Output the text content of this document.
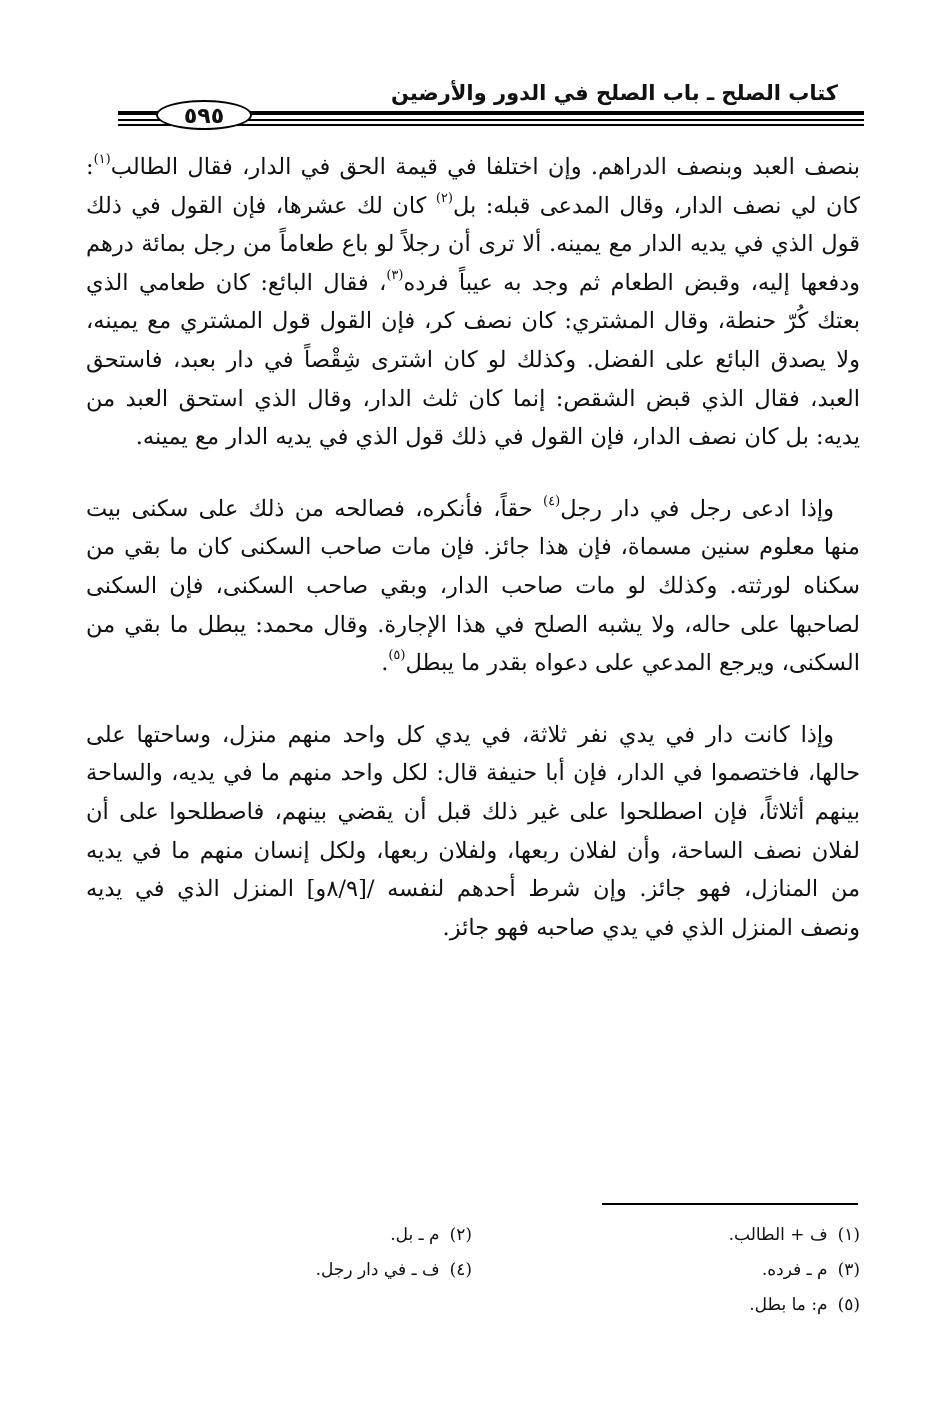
كتاب الصلح ـ باب الصلح في الدور والأرضين
٥٩٥

بنصف العبد وبنصف الدراهم. وإن اختلفا في قيمة الحق في الدار، فقال الطالب$^{(١)}$: كان لي نصف الدار، وقال المدعى قبله: بل$^{(٢)}$ كان لك عشرها، فإن القول في ذلك قول الذي في يديه الدار مع يمينه. ألا ترى أن رجلاً لو باع طعاماً من رجل بمائة درهم ودفعها إليه، وقبض الطعام ثم وجد به عيباً فرده$^{(٣)}$، فقال البائع: كان طعامي الذي بعتك كُرّ حنطة، وقال المشتري: كان نصف كر، فإن القول قول المشتري مع يمينه، ولا يصدق البائع على الفضل. وكذلك لو كان اشترى شِقْصاً في دار بعبد، فاستحق العبد، فقال الذي قبض الشقص: إنما كان ثلث الدار، وقال الذي استحق العبد من يديه: بل كان نصف الدار، فإن القول في ذلك قول الذي في يديه الدار مع يمينه.

وإذا ادعى رجل في دار رجل$^{(٤)}$ حقاً، فأنكره، فصالحه من ذلك على سكنى بيت منها معلوم سنين مسماة، فإن هذا جائز. فإن مات صاحب السكنى كان ما بقي من سكناه لورثته. وكذلك لو مات صاحب الدار، وبقي صاحب السكنى، فإن السكنى لصاحبها على حاله، ولا يشبه الصلح في هذا الإجارة. وقال محمد: يبطل ما بقي من السكنى، ويرجع المدعي على دعواه بقدر ما يبطل$^{(٥)}$.

وإذا كانت دار في يدي نفر ثلاثة، في يدي كل واحد منهم منزل، وساحتها على حالها، فاختصموا في الدار، فإن أبا حنيفة قال: لكل واحد منهم ما في يديه، والساحة بينهم أثلاثاً، فإن اصطلحوا على غير ذلك قبل أن يقضي بينهم، فاصطلحوا على أن لفلان نصف الساحة، وأن لفلان ربعها، ولفلان ربعها، ولكل إنسان منهم ما في يديه من المنازل، فهو جائز. وإن شرط أحدهم لنفسه /[٨/٩و] المنزل الذي في يديه ونصف المنزل الذي في يدي صاحبه فهو جائز.

(١)ف + الطالب.
(٣)م ـ فرده.
(٥)م: ما بطل.
(٢)م ـ بل.
(٤)ف ـ في دار رجل.
